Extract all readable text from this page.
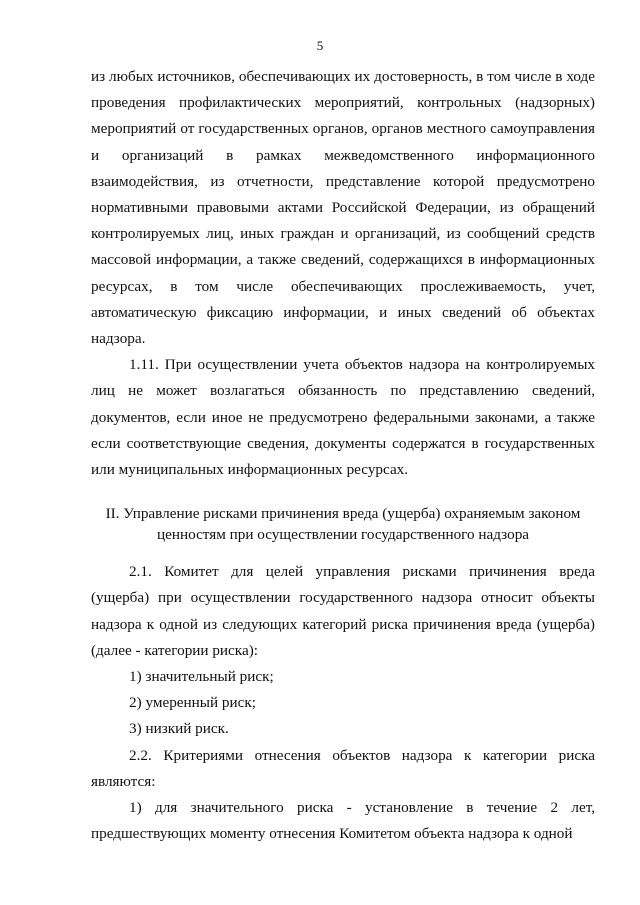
5

из любых источников, обеспечивающих их достоверность, в том числе в ходе проведения профилактических мероприятий, контрольных (надзорных) мероприятий от государственных органов, органов местного самоуправления и организаций в рамках межведомственного информационного взаимодействия, из отчетности, представление которой предусмотрено нормативными правовыми актами Российской Федерации, из обращений контролируемых лиц, иных граждан и организаций, из сообщений средств массовой информации, а также сведений, содержащихся в информационных ресурсах, в том числе обеспечивающих прослеживаемость, учет, автоматическую фиксацию информации, и иных сведений об объектах надзора.

1.11. При осуществлении учета объектов надзора на контролируемых лиц не может возлагаться обязанность по представлению сведений, документов, если иное не предусмотрено федеральными законами, а также если соответствующие сведения, документы содержатся в государственных или муниципальных информационных ресурсах.

II. Управление рисками причинения вреда (ущерба) охраняемым законом
ценностям при осуществлении государственного надзора

2.1. Комитет для целей управления рисками причинения вреда (ущерба) при осуществлении государственного надзора относит объекты надзора к одной из следующих категорий риска причинения вреда (ущерба) (далее - категории риска):

1) значительный риск;

2) умеренный риск;

3) низкий риск.

2.2. Критериями отнесения объектов надзора к категории риска являются:

1) для значительного риска - установление в течение 2 лет, предшествующих моменту отнесения Комитетом объекта надзора к одной
